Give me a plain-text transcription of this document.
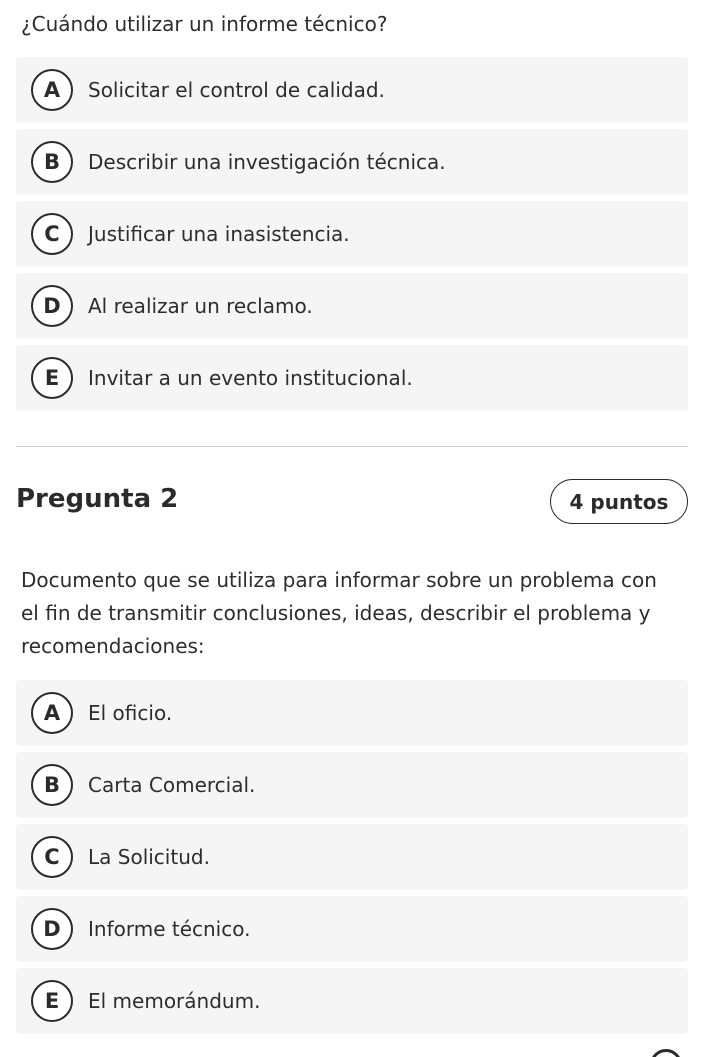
¿Cuándo utilizar un informe técnico?
A	Solicitar el control de calidad.
B	Describir una investigación técnica.
C	Justificar una inasistencia.
D	Al realizar un reclamo.
E	Invitar a un evento institucional.
Pregunta 2	4 puntos
Documento que se utiliza para informar sobre un problema con el fin de transmitir conclusiones, ideas, describir el problema y recomendaciones:
A	El oficio.
B	Carta Comercial.
C	La Solicitud.
D	Informe técnico.
E	El memorándum.
